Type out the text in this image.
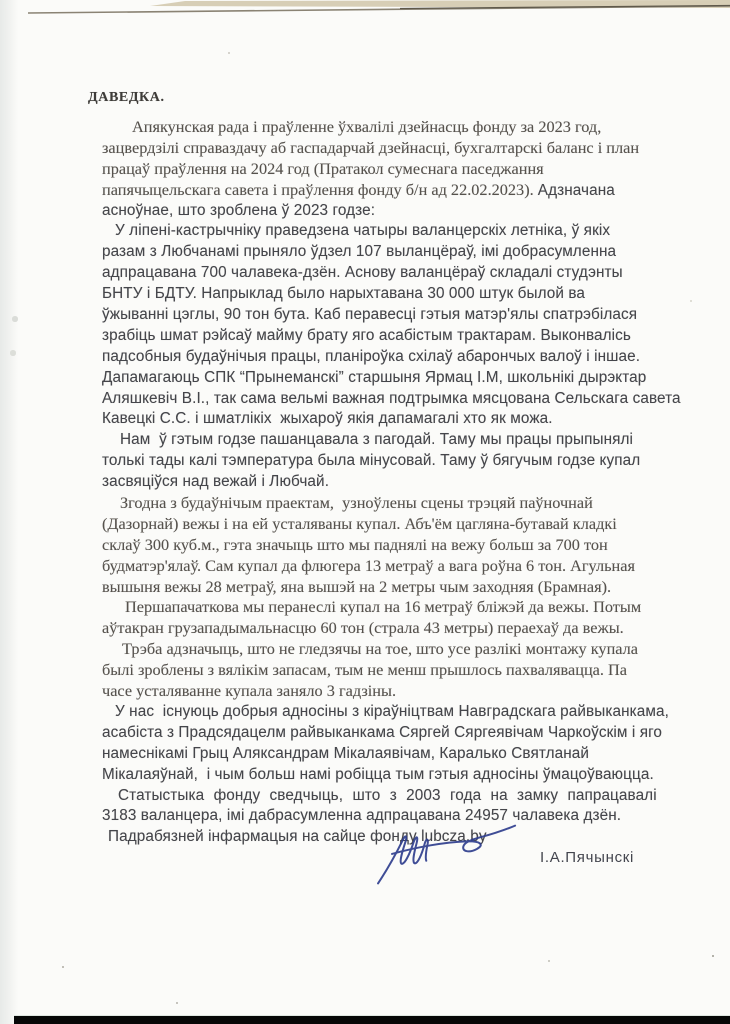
ДАВЕДКА.
Апякунская рада і праўленне ўхвалілі дзейнасць фонду за 2023 год,
зацвердзілі справаздачу аб гаспадарчай дзейнасці, бухгалтарскі баланс і план
працаў праўлення на 2024 год (Пратакол сумеснага паседжання
папячыцельскага савета і праўлення фонду б/н ад 22.02.2023). Адзначана
асноўнае, што зроблена ў 2023 годзе:
У ліпені-кастрычніку праведзена чатыры валанцерскіх летніка, ў якіх
разам з Любчанамі прыняло ўдзел 107 выланцёраў, імі добрасумленна
адпрацавана 700 чалавека-дзён. Аснову валанцёраў складалі студэнты
БНТУ і БДТУ. Напрыклад было нарыхтавана 30 000 штук былой ва
ўжыванні цэглы, 90 тон бута. Каб перавесці гэтыя матэр'ялы спатрэбілася
зрабіць шмат рэйсаў майму брату яго асабістым трактарам. Выконвалісь
падсобныя будаўнічыя працы, планіроўка схілаў абарончых валоў і іншае.
Дапамагаюць СПК “Прынеманскі” старшыня Ярмац І.М, школьнікі дырэктар
Аляшкевіч В.І., так сама вельмі важная подтрымка мясцована Сельскага савета
Кавецкі С.С. і шматлікіх  жыхароў якія дапамагалі хто як можа.
Нам  ў гэтым годзе пашанцавала з пагодай. Таму мы працы прыпынялі
толькі тады калі тэмпература была мінусовай. Таму ў бягучым годзе купал
засвяціўся над вежай і Любчай.
Згодна з будаўнічым праектам,  узноўлены сцены трэцяй паўночнай
(Дазорнай) вежы і на ей усталяваны купал. Абъ'ём цагляна-бутавай кладкі
склаў 300 куб.м., гэта значыць што мы паднялі на вежу больш за 700 тон
будматэр'ялаў. Сам купал да флюгера 13 метраў а вага роўна 6 тон. Агульная
вышыня вежы 28 метраў, яна вышэй на 2 метры чым заходняя (Брамная).
Першапачаткова мы перанеслі купал на 16 метраў бліжэй да вежы. Потым
аўтакран грузападымальнасцю 60 тон (страла 43 метры) пераехаў да вежы.
Трэба адзначыць, што не гледзячы на тое, што усе разлікі монтажу купала
былі зроблены з вялікім запасам, тым не менш прышлось пахвалявацца. Па
часе усталяванне купала заняло 3 гадзіны.
У нас  існуюць добрыя адносіны з кіраўніцтвам Навградскага райвыканкама,
асабіста з Прадсядацелм райвыканкама Сяргей Сяргеявічам Чаркоўскім і яго
намеснікамі Грыц Аляксандрам Мікалаявічам, Каралько Святланай
Мікалаяўнай,  і чым больш намі робіцца тым гэтыя адносіны ўмацоўваюцца.
Статыстыка фонду сведчыць, што з 2003 года на замку папрацавалі
3183 валанцера, імі дабрасумленна адпрацавана 24957 чалавека дзён.
Падрабязней інфармацыя на сайце фонду lubcza.by
І.А.Пячынскі
